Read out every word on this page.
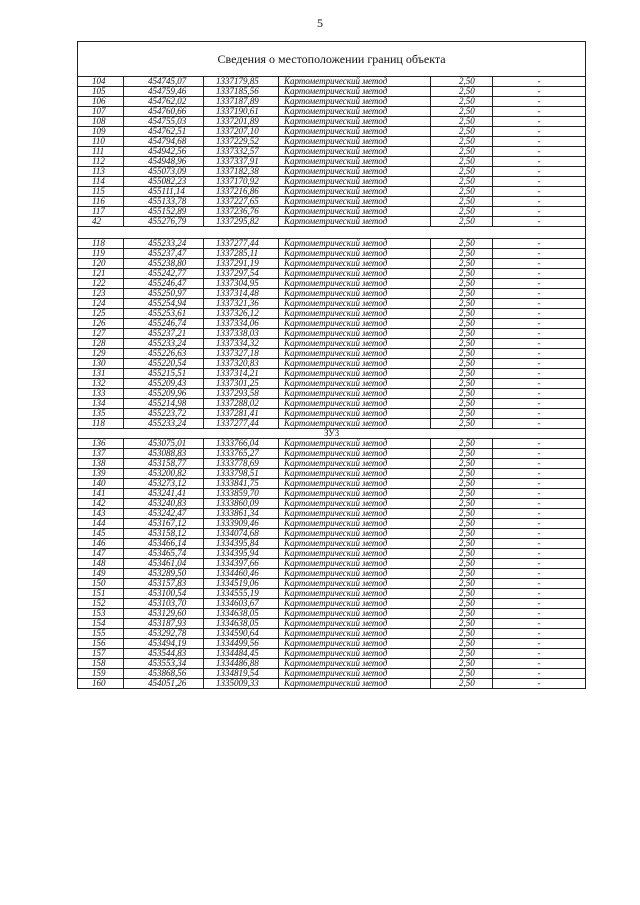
5
Сведения о местоположении границ объекта					
104	454745,07	1337179,85	Картометрический метод	2,50	-
105	454759,46	1337185,56	Картометрический метод	2,50	-
106	454762,02	1337187,89	Картометрический метод	2,50	-
107	454760,66	1337190,61	Картометрический метод	2,50	-
108	454755,03	1337201,89	Картометрический метод	2,50	-
109	454762,51	1337207,10	Картометрический метод	2,50	-
110	454794,68	1337229,52	Картометрический метод	2,50	-
111	454942,56	1337332,57	Картометрический метод	2,50	-
112	454948,96	1337337,91	Картометрический метод	2,50	-
113	455073,09	1337182,38	Картометрический метод	2,50	-
114	455082,23	1337170,92	Картометрический метод	2,50	-
115	455111,14	1337216,86	Картометрический метод	2,50	-
116	455133,78	1337227,65	Картометрический метод	2,50	-
117	455152,89	1337236,76	Картометрический метод	2,50	-
42	455276,79	1337295,82	Картометрический метод	2,50	-

118	455233,24	1337277,44	Картометрический метод	2,50	-
119	455237,47	1337285,11	Картометрический метод	2,50	-
120	455238,80	1337291,19	Картометрический метод	2,50	-
121	455242,77	1337297,54	Картометрический метод	2,50	-
122	455246,47	1337304,95	Картометрический метод	2,50	-
123	455250,97	1337314,48	Картометрический метод	2,50	-
124	455254,94	1337321,36	Картометрический метод	2,50	-
125	455253,61	1337326,12	Картометрический метод	2,50	-
126	455246,74	1337334,06	Картометрический метод	2,50	-
127	455237,21	1337338,03	Картометрический метод	2,50	-
128	455233,24	1337334,32	Картометрический метод	2,50	-
129	455226,63	1337327,18	Картометрический метод	2,50	-
130	455220,54	1337320,83	Картометрический метод	2,50	-
131	455215,51	1337314,21	Картометрический метод	2,50	-
132	455209,43	1337301,25	Картометрический метод	2,50	-
133	455209,96	1337293,58	Картометрический метод	2,50	-
134	455214,98	1337288,02	Картометрический метод	2,50	-
135	455223,72	1337281,41	Картометрический метод	2,50	-
118	455233,24	1337277,44	Картометрический метод	2,50	-
ЗУ3					
136	453075,01	1333766,04	Картометрический метод	2,50	-
137	453088,83	1333765,27	Картометрический метод	2,50	-
138	453158,77	1333778,69	Картометрический метод	2,50	-
139	453200,82	1333798,51	Картометрический метод	2,50	-
140	453273,12	1333841,75	Картометрический метод	2,50	-
141	453241,41	1333859,70	Картометрический метод	2,50	-
142	453240,83	1333860,09	Картометрический метод	2,50	-
143	453242,47	1333861,34	Картометрический метод	2,50	-
144	453167,12	1333909,46	Картометрический метод	2,50	-
145	453158,12	1334074,68	Картометрический метод	2,50	-
146	453466,14	1334395,84	Картометрический метод	2,50	-
147	453465,74	1334395,94	Картометрический метод	2,50	-
148	453461,04	1334397,66	Картометрический метод	2,50	-
149	453289,50	1334460,46	Картометрический метод	2,50	-
150	453157,83	1334519,06	Картометрический метод	2,50	-
151	453100,54	1334555,19	Картометрический метод	2,50	-
152	453103,70	1334603,67	Картометрический метод	2,50	-
153	453129,60	1334638,05	Картометрический метод	2,50	-
154	453187,93	1334638,05	Картометрический метод	2,50	-
155	453292,78	1334590,64	Картометрический метод	2,50	-
156	453494,19	1334499,56	Картометрический метод	2,50	-
157	453544,83	1334484,45	Картометрический метод	2,50	-
158	453553,34	1334486,88	Картометрический метод	2,50	-
159	453868,56	1334819,54	Картометрический метод	2,50	-
160	454051,26	1335009,33	Картометрический метод	2,50	-
